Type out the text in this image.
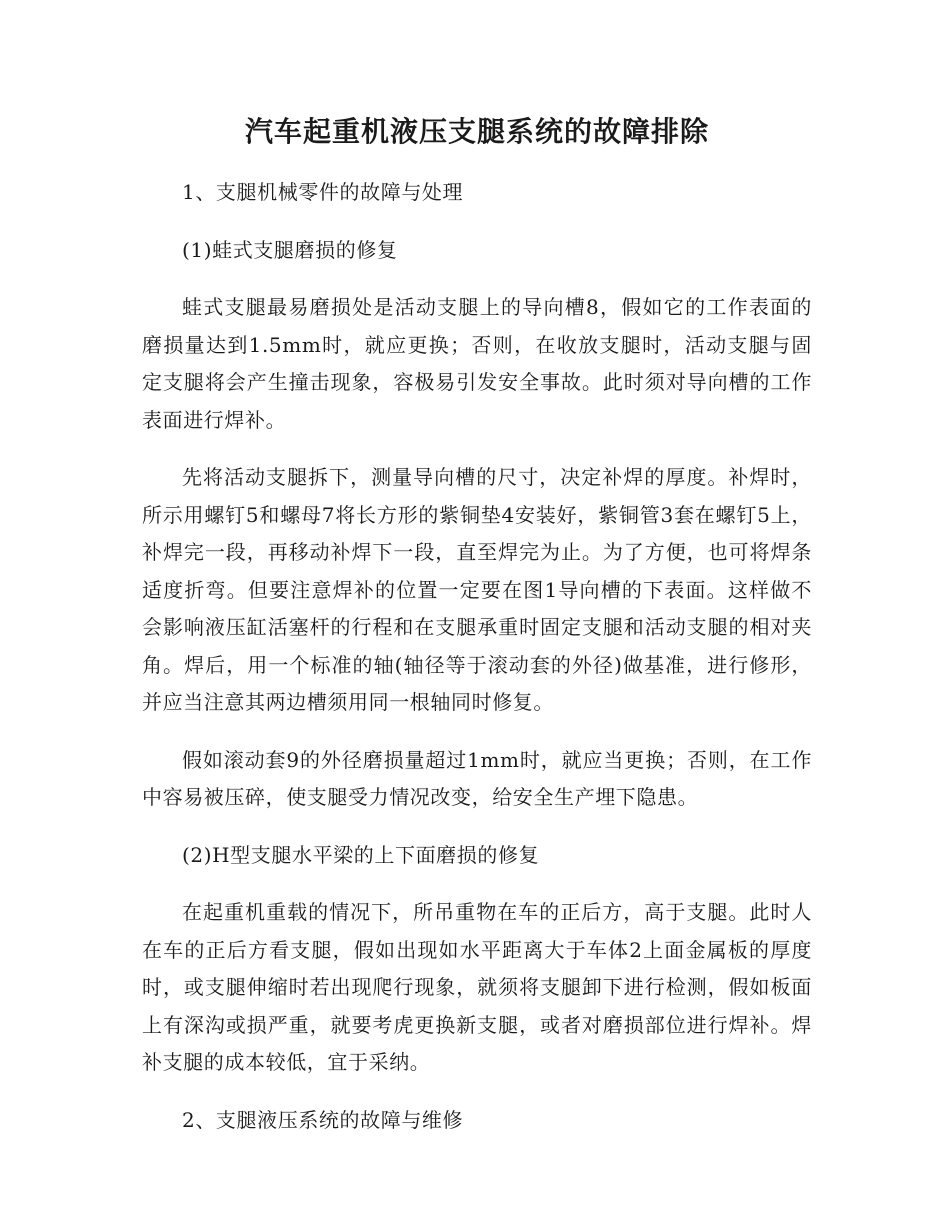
汽车起重机液压支腿系统的故障排除

1、支腿机械零件的故障与处理

(1)蛙式支腿磨损的修复

蛙式支腿最易磨损处是活动支腿上的导向槽8，假如它的工作表面的磨损量达到1.5mm时，就应更换；否则，在收放支腿时，活动支腿与固定支腿将会产生撞击现象，容极易引发安全事故。此时须对导向槽的工作表面进行焊补。

先将活动支腿拆下，测量导向槽的尺寸，决定补焊的厚度。补焊时，所示用螺钉5和螺母7将长方形的紫铜垫4安装好，紫铜管3套在螺钉5上，补焊完一段，再移动补焊下一段，直至焊完为止。为了方便，也可将焊条适度折弯。但要注意焊补的位置一定要在图1导向槽的下表面。这样做不会影响液压缸活塞杆的行程和在支腿承重时固定支腿和活动支腿的相对夹角。焊后，用一个标准的轴(轴径等于滚动套的外径)做基准，进行修形，并应当注意其两边槽须用同一根轴同时修复。

假如滚动套9的外径磨损量超过1mm时，就应当更换；否则，在工作中容易被压碎，使支腿受力情况改变，给安全生产埋下隐患。

(2)H型支腿水平梁的上下面磨损的修复

在起重机重载的情况下，所吊重物在车的正后方，高于支腿。此时人在车的正后方看支腿，假如出现如水平距离大于车体2上面金属板的厚度时，或支腿伸缩时若出现爬行现象，就须将支腿卸下进行检测，假如板面上有深沟或损严重，就要考虎更换新支腿，或者对磨损部位进行焊补。焊补支腿的成本较低，宜于采纳。

2、支腿液压系统的故障与维修
